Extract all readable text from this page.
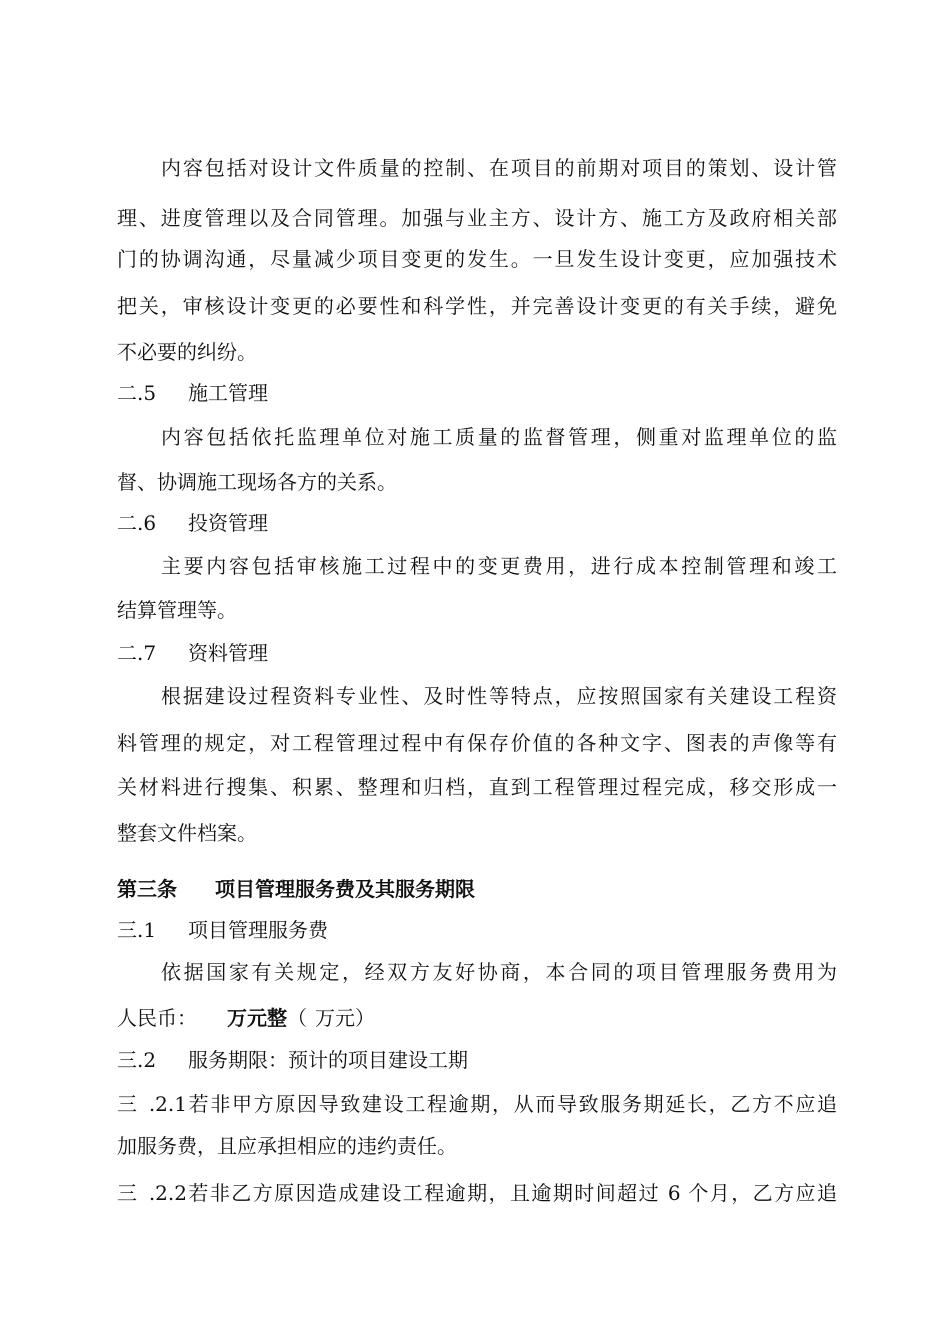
内容包括对设计文件质量的控制、在项目的前期对项目的策划、设计管
理、进度管理以及合同管理。加强与业主方、设计方、施工方及政府相关部
门的协调沟通，尽量减少项目变更的发生。一旦发生设计变更，应加强技术
把关，审核设计变更的必要性和科学性，并完善设计变更的有关手续，避免
不必要的纠纷。
二.5 施工管理
内容包括依托监理单位对施工质量的监督管理，侧重对监理单位的监
督、协调施工现场各方的关系。
二.6 投资管理
主要内容包括审核施工过程中的变更费用，进行成本控制管理和竣工
结算管理等。
二.7 资料管理
根据建设过程资料专业性、及时性等特点，应按照国家有关建设工程资
料管理的规定，对工程管理过程中有保存价值的各种文字、图表的声像等有
关材料进行搜集、积累、整理和归档，直到工程管理过程完成，移交形成一
整套文件档案。
第三条 项目管理服务费及其服务期限
三.1 项目管理服务费
依据国家有关规定，经双方友好协商，本合同的项目管理服务费用为
人民币： 万元整（ 万元）
三.2 服务期限：预计的项目建设工期
三.2.1若非甲方原因导致建设工程逾期，从而导致服务期延长，乙方不应追
加服务费，且应承担相应的违约责任。
三.2.2若非乙方原因造成建设工程逾期，且逾期时间超过 6 个月，乙方应追
